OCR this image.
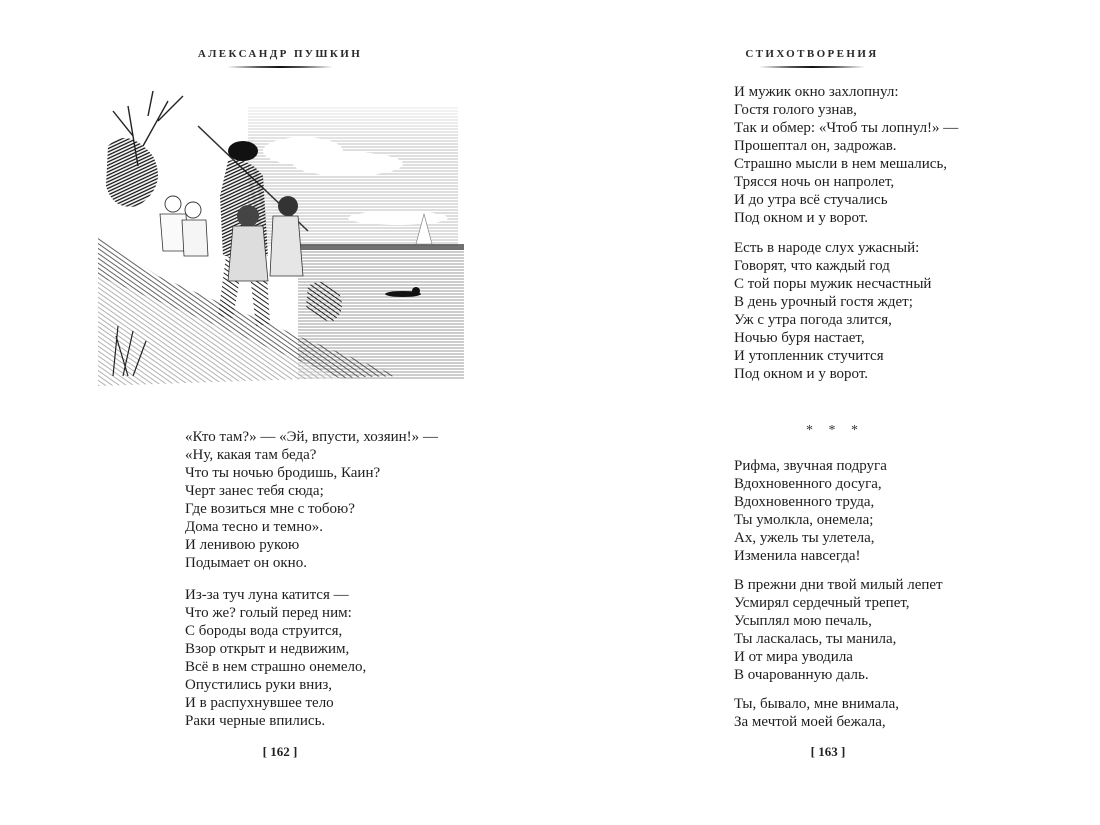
АЛЕКСАНДР ПУШКИН
«Кто там?» — «Эй, впусти, хозяин!» —
«Ну, какая там беда?
Что ты ночью бродишь, Каин?
Черт занес тебя сюда;
Где возиться мне с тобою?
Дома тесно и темно».
И ленивою рукою
Подымает он окно.
Из-за туч луна катится —
Что же? голый перед ним:
С бороды вода струится,
Взор открыт и недвижим,
Всё в нем страшно онемело,
Опустились руки вниз,
И в распухнувшее тело
Раки черные впились.
[ 162 ]
СТИХОТВОРЕНИЯ
И мужик окно захлопнул:
Гостя голого узнав,
Так и обмер: «Чтоб ты лопнул!» —
Прошептал он, задрожав.
Страшно мысли в нем мешались,
Трясся ночь он напролет,
И до утра всё стучались
Под окном и у ворот.
Есть в народе слух ужасный:
Говорят, что каждый год
С той поры мужик несчастный
В день урочный гостя ждет;
Уж с утра погода злится,
Ночью буря настает,
И утопленник стучится
Под окном и у ворот.
* * *
Рифма, звучная подруга
Вдохновенного досуга,
Вдохновенного труда,
Ты умолкла, онемела;
Ах, ужель ты улетела,
Изменила навсегда!
В прежни дни твой милый лепет
Усмирял сердечный трепет,
Усыплял мою печаль,
Ты ласкалась, ты манила,
И от мира уводила
В очарованную даль.
Ты, бывало, мне внимала,
За мечтой моей бежала,
[ 163 ]
